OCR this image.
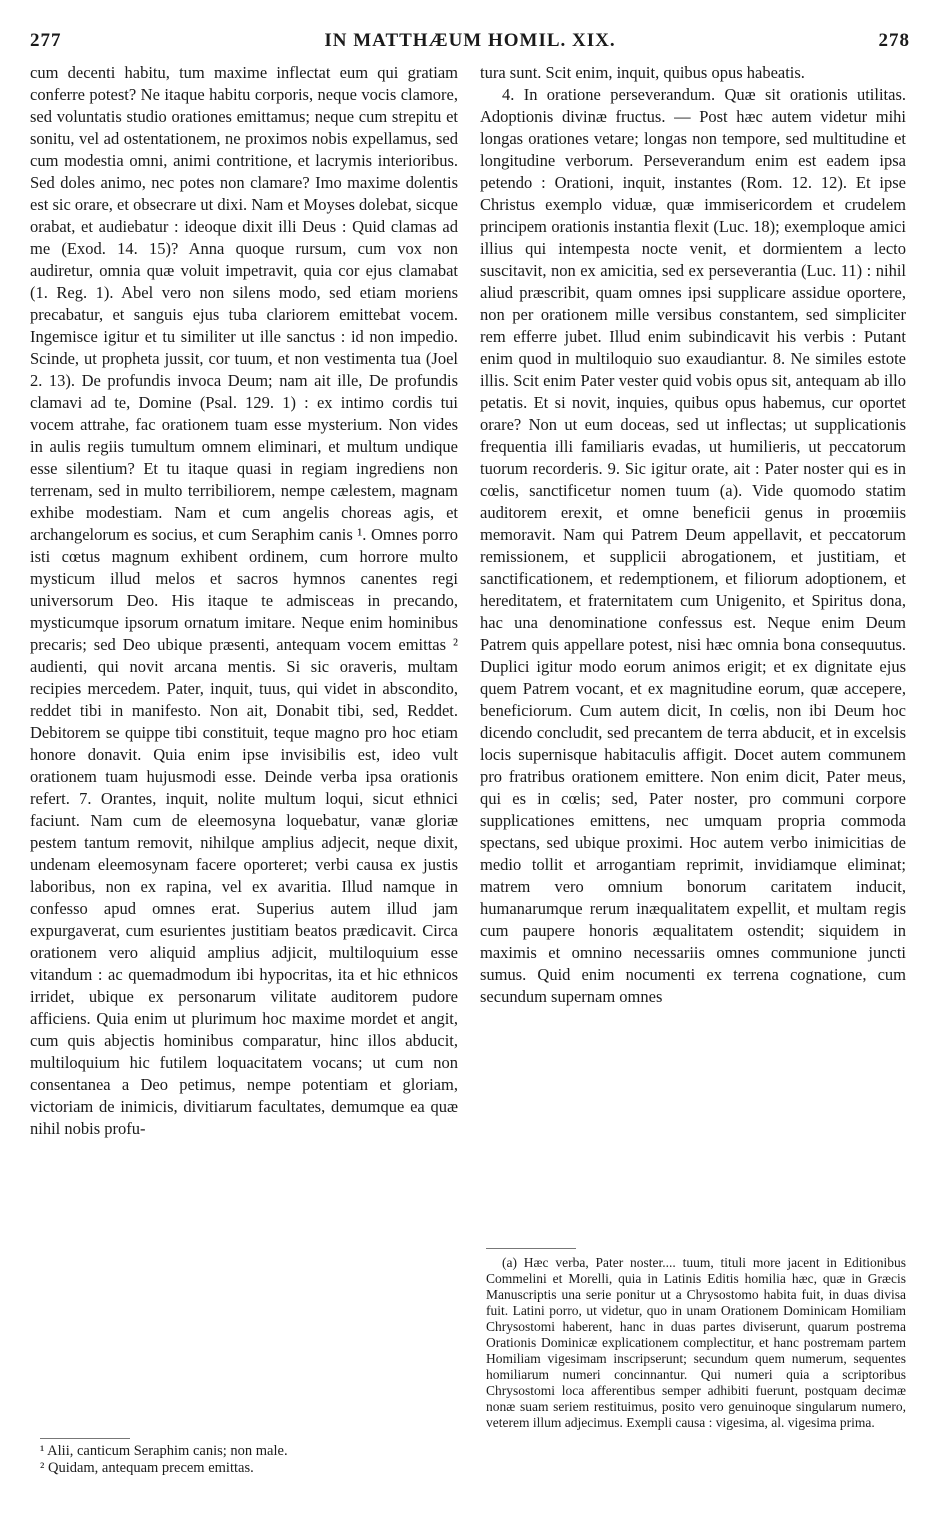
277	IN MATTHÆUM HOMIL. XIX.	278

cum decenti habitu, tum maxime inflectat eum qui gratiam conferre potest? Ne itaque habitu corporis, neque vocis clamore, sed voluntatis studio orationes emittamus; neque cum strepitu et sonitu, vel ad ostentationem, ne proximos nobis expellamus, sed cum modestia omni, animi contritione, et lacrymis interioribus. Sed doles animo, nec potes non clamare? Imo maxime dolentis est sic orare, et obsecrare ut dixi. Nam et Moyses dolebat, sicque orabat, et audiebatur : ideoque dixit illi Deus : Quid clamas ad me (Exod. 14. 15)? Anna quoque rursum, cum vox non audiretur, omnia quæ voluit impetravit, quia cor ejus clamabat (1. Reg. 1). Abel vero non silens modo, sed etiam moriens precabatur, et sanguis ejus tuba clariorem emittebat vocem. Ingemisce igitur et tu similiter ut ille sanctus : id non impedio. Scinde, ut propheta jussit, cor tuum, et non vestimenta tua (Joel 2. 13). De profundis invoca Deum; nam ait ille, De profundis clamavi ad te, Domine (Psal. 129. 1) : ex intimo cordis tui vocem attrahe, fac orationem tuam esse mysterium. Non vides in aulis regiis tumultum omnem eliminari, et multum undique esse silentium? Et tu itaque quasi in regiam ingrediens non terrenam, sed in multo terribiliorem, nempe cælestem, magnam exhibe modestiam. Nam et cum angelis choreas agis, et archangelorum es socius, et cum Seraphim canis ¹. Omnes porro isti cœtus magnum exhibent ordinem, cum horrore multo mysticum illud melos et sacros hymnos canentes regi universorum Deo. His itaque te admisceas in precando, mysticumque ipsorum ornatum imitare. Neque enim hominibus precaris; sed Deo ubique præsenti, antequam vocem emittas ² audienti, qui novit arcana mentis. Si sic oraveris, multam recipies mercedem. Pater, inquit, tuus, qui videt in abscondito, reddet tibi in manifesto. Non ait, Donabit tibi, sed, Reddet. Debitorem se quippe tibi constituit, teque magno pro hoc etiam honore donavit. Quia enim ipse invisibilis est, ideo vult orationem tuam hujusmodi esse. Deinde verba ipsa orationis refert. 7. Orantes, inquit, nolite multum loqui, sicut ethnici faciunt. Nam cum de eleemosyna loquebatur, vanæ gloriæ pestem tantum removit, nihilque amplius adjecit, neque dixit, undenam eleemosynam facere oporteret; verbi causa ex justis laboribus, non ex rapina, vel ex avaritia. Illud namque in confesso apud omnes erat. Superius autem illud jam expurgaverat, cum esurientes justitiam beatos prædicavit. Circa orationem vero aliquid amplius adjicit, multiloquium esse vitandum : ac quemadmodum ibi hypocritas, ita et hic ethnicos irridet, ubique ex personarum vilitate auditorem pudore afficiens. Quia enim ut plurimum hoc maxime mordet et angit, cum quis abjectis hominibus comparatur, hinc illos abducit, multiloquium hic futilem loquacitatem vocans; ut cum non consentanea a Deo petimus, nempe potentiam et gloriam, victoriam de inimicis, divitiarum facultates, demumque ea quæ nihil nobis profu-

tura sunt. Scit enim, inquit, quibus opus habeatis.

4. In oratione perseverandum. Quæ sit orationis utilitas. Adoptionis divinæ fructus. — Post hæc autem videtur mihi longas orationes vetare; longas non tempore, sed multitudine et longitudine verborum. Perseverandum enim est eadem ipsa petendo : Orationi, inquit, instantes (Rom. 12. 12). Et ipse Christus exemplo viduæ, quæ immisericordem et crudelem principem orationis instantia flexit (Luc. 18); exemploque amici illius qui intempesta nocte venit, et dormientem a lecto suscitavit, non ex amicitia, sed ex perseverantia (Luc. 11) : nihil aliud præscribit, quam omnes ipsi supplicare assidue oportere, non per orationem mille versibus constantem, sed simpliciter rem efferre jubet. Illud enim subindicavit his verbis : Putant enim quod in multiloquio suo exaudiantur. 8. Ne similes estote illis. Scit enim Pater vester quid vobis opus sit, antequam ab illo petatis. Et si novit, inquies, quibus opus habemus, cur oportet orare? Non ut eum doceas, sed ut inflectas; ut supplicationis frequentia illi familiaris evadas, ut humilieris, ut peccatorum tuorum recorderis. 9. Sic igitur orate, ait : Pater noster qui es in cœlis, sanctificetur nomen tuum (a). Vide quomodo statim auditorem erexit, et omne beneficii genus in proœmiis memoravit. Nam qui Patrem Deum appellavit, et peccatorum remissionem, et supplicii abrogationem, et justitiam, et sanctificationem, et redemptionem, et filiorum adoptionem, et hereditatem, et fraternitatem cum Unigenito, et Spiritus dona, hac una denominatione confessus est. Neque enim Deum Patrem quis appellare potest, nisi hæc omnia bona consequutus. Duplici igitur modo eorum animos erigit; et ex dignitate ejus quem Patrem vocant, et ex magnitudine eorum, quæ accepere, beneficiorum. Cum autem dicit, In cœlis, non ibi Deum hoc dicendo concludit, sed precantem de terra abducit, et in excelsis locis supernisque habitaculis affigit. Docet autem communem pro fratribus orationem emittere. Non enim dicit, Pater meus, qui es in cœlis; sed, Pater noster, pro communi corpore supplicationes emittens, nec umquam propria commoda spectans, sed ubique proximi. Hoc autem verbo inimicitias de medio tollit et arrogantiam reprimit, invidiamque eliminat; matrem vero omnium bonorum caritatem inducit, humanarumque rerum inæqualitatem expellit, et multam regis cum paupere honoris æqualitatem ostendit; siquidem in maximis et omnino necessariis omnes communione juncti sumus. Quid enim nocumenti ex terrena cognatione, cum secundum supernam omnes

¹ Alii, canticum Seraphim canis; non male.

² Quidam, antequam precem emittas.

(a) Hæc verba, Pater noster.... tuum, tituli more jacent in Editionibus Commelini et Morelli, quia in Latinis Editis homilia hæc, quæ in Græcis Manuscriptis una serie ponitur ut a Chrysostomo habita fuit, in duas divisa fuit. Latini porro, ut videtur, quo in unam Orationem Dominicam Homiliam Chrysostomi haberent, hanc in duas partes diviserunt, quarum postrema Orationis Dominicæ explicationem complectitur, et hanc postremam partem Homiliam vigesimam inscripserunt; secundum quem numerum, sequentes homiliarum numeri concinnantur. Qui numeri quia a scriptoribus Chrysostomi loca afferentibus semper adhibiti fuerunt, postquam decimæ nonæ suam seriem restituimus, posito vero genuinoque singularum numero, veterem illum adjecimus. Exempli causa : vigesima, al. vigesima prima.
